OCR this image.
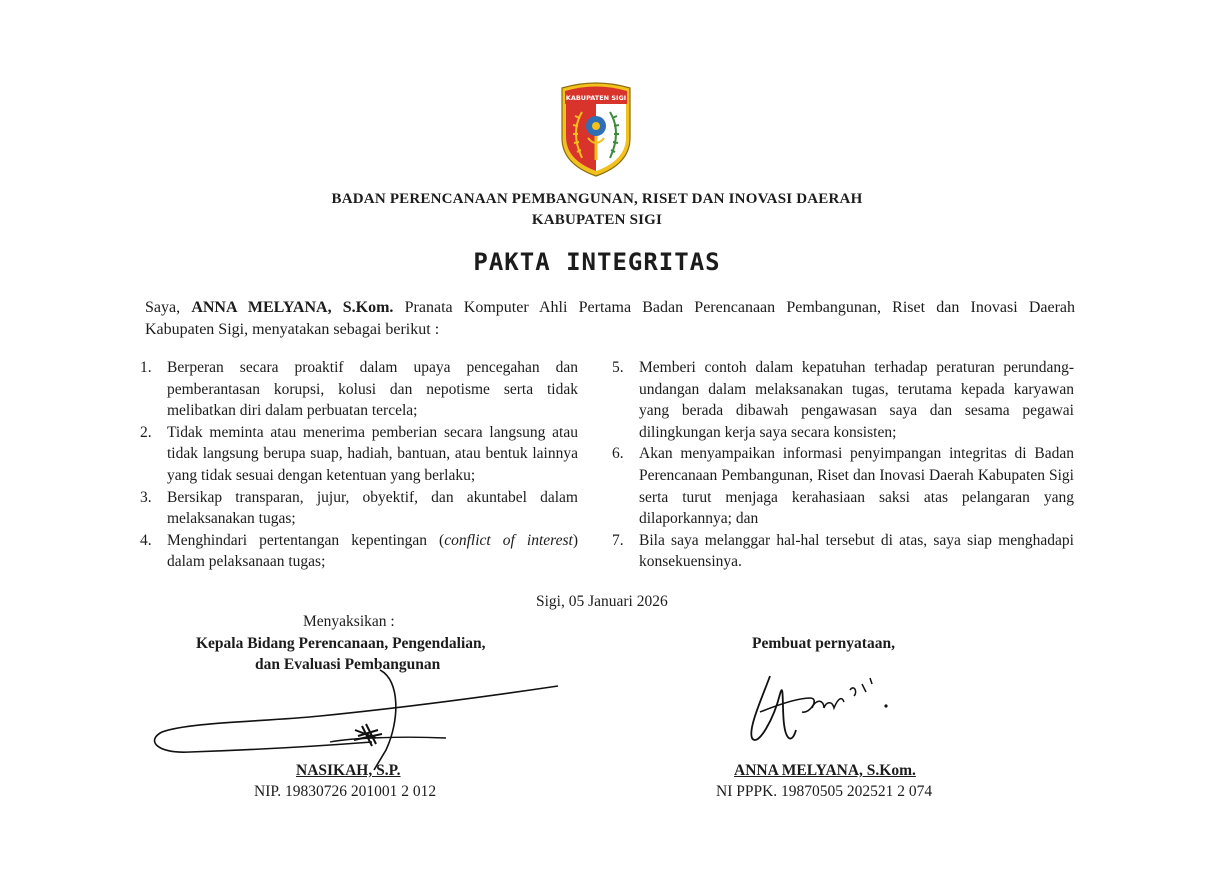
KABUPATEN SIGI
BADAN PERENCANAAN PEMBANGUNAN, RISET DAN INOVASI DAERAH
KABUPATEN SIGI
PAKTA INTEGRITAS
Saya, ANNA MELYANA, S.Kom. Pranata Komputer Ahli Pertama Badan Perencanaan Pembangunan, Riset dan Inovasi Daerah
Kabupaten Sigi, menyatakan sebagai berikut :
1. Berperan secara proaktif dalam upaya pencegahan dan pemberantasan korupsi, kolusi dan nepotisme serta tidak melibatkan diri dalam perbuatan tercela;
2. Tidak meminta atau menerima pemberian secara langsung atau tidak langsung berupa suap, hadiah, bantuan, atau bentuk lainnya yang tidak sesuai dengan ketentuan yang berlaku;
3. Bersikap transparan, jujur, obyektif, dan akuntabel dalam melaksanakan tugas;
4. Menghindari pertentangan kepentingan (conflict of interest) dalam pelaksanaan tugas;
5. Memberi contoh dalam kepatuhan terhadap peraturan perundang-undangan dalam melaksanakan tugas, terutama kepada karyawan yang berada dibawah pengawasan saya dan sesama pegawai dilingkungan kerja saya secara konsisten;
6. Akan menyampaikan informasi penyimpangan integritas di Badan Perencanaan Pembangunan, Riset dan Inovasi Daerah Kabupaten Sigi serta turut menjaga kerahasiaan saksi atas pelangaran yang dilaporkannya; dan
7. Bila saya melanggar hal-hal tersebut di atas, saya siap menghadapi konsekuensinya.
Sigi, 05 Januari 2026
Menyaksikan :
Kepala Bidang Perencanaan, Pengendalian,
dan Evaluasi Pembangunan
Pembuat pernyataan,
NASIKAH, S.P.
NIP. 19830726 201001 2 012
ANNA MELYANA, S.Kom.
NI PPPK. 19870505 202521 2 074
